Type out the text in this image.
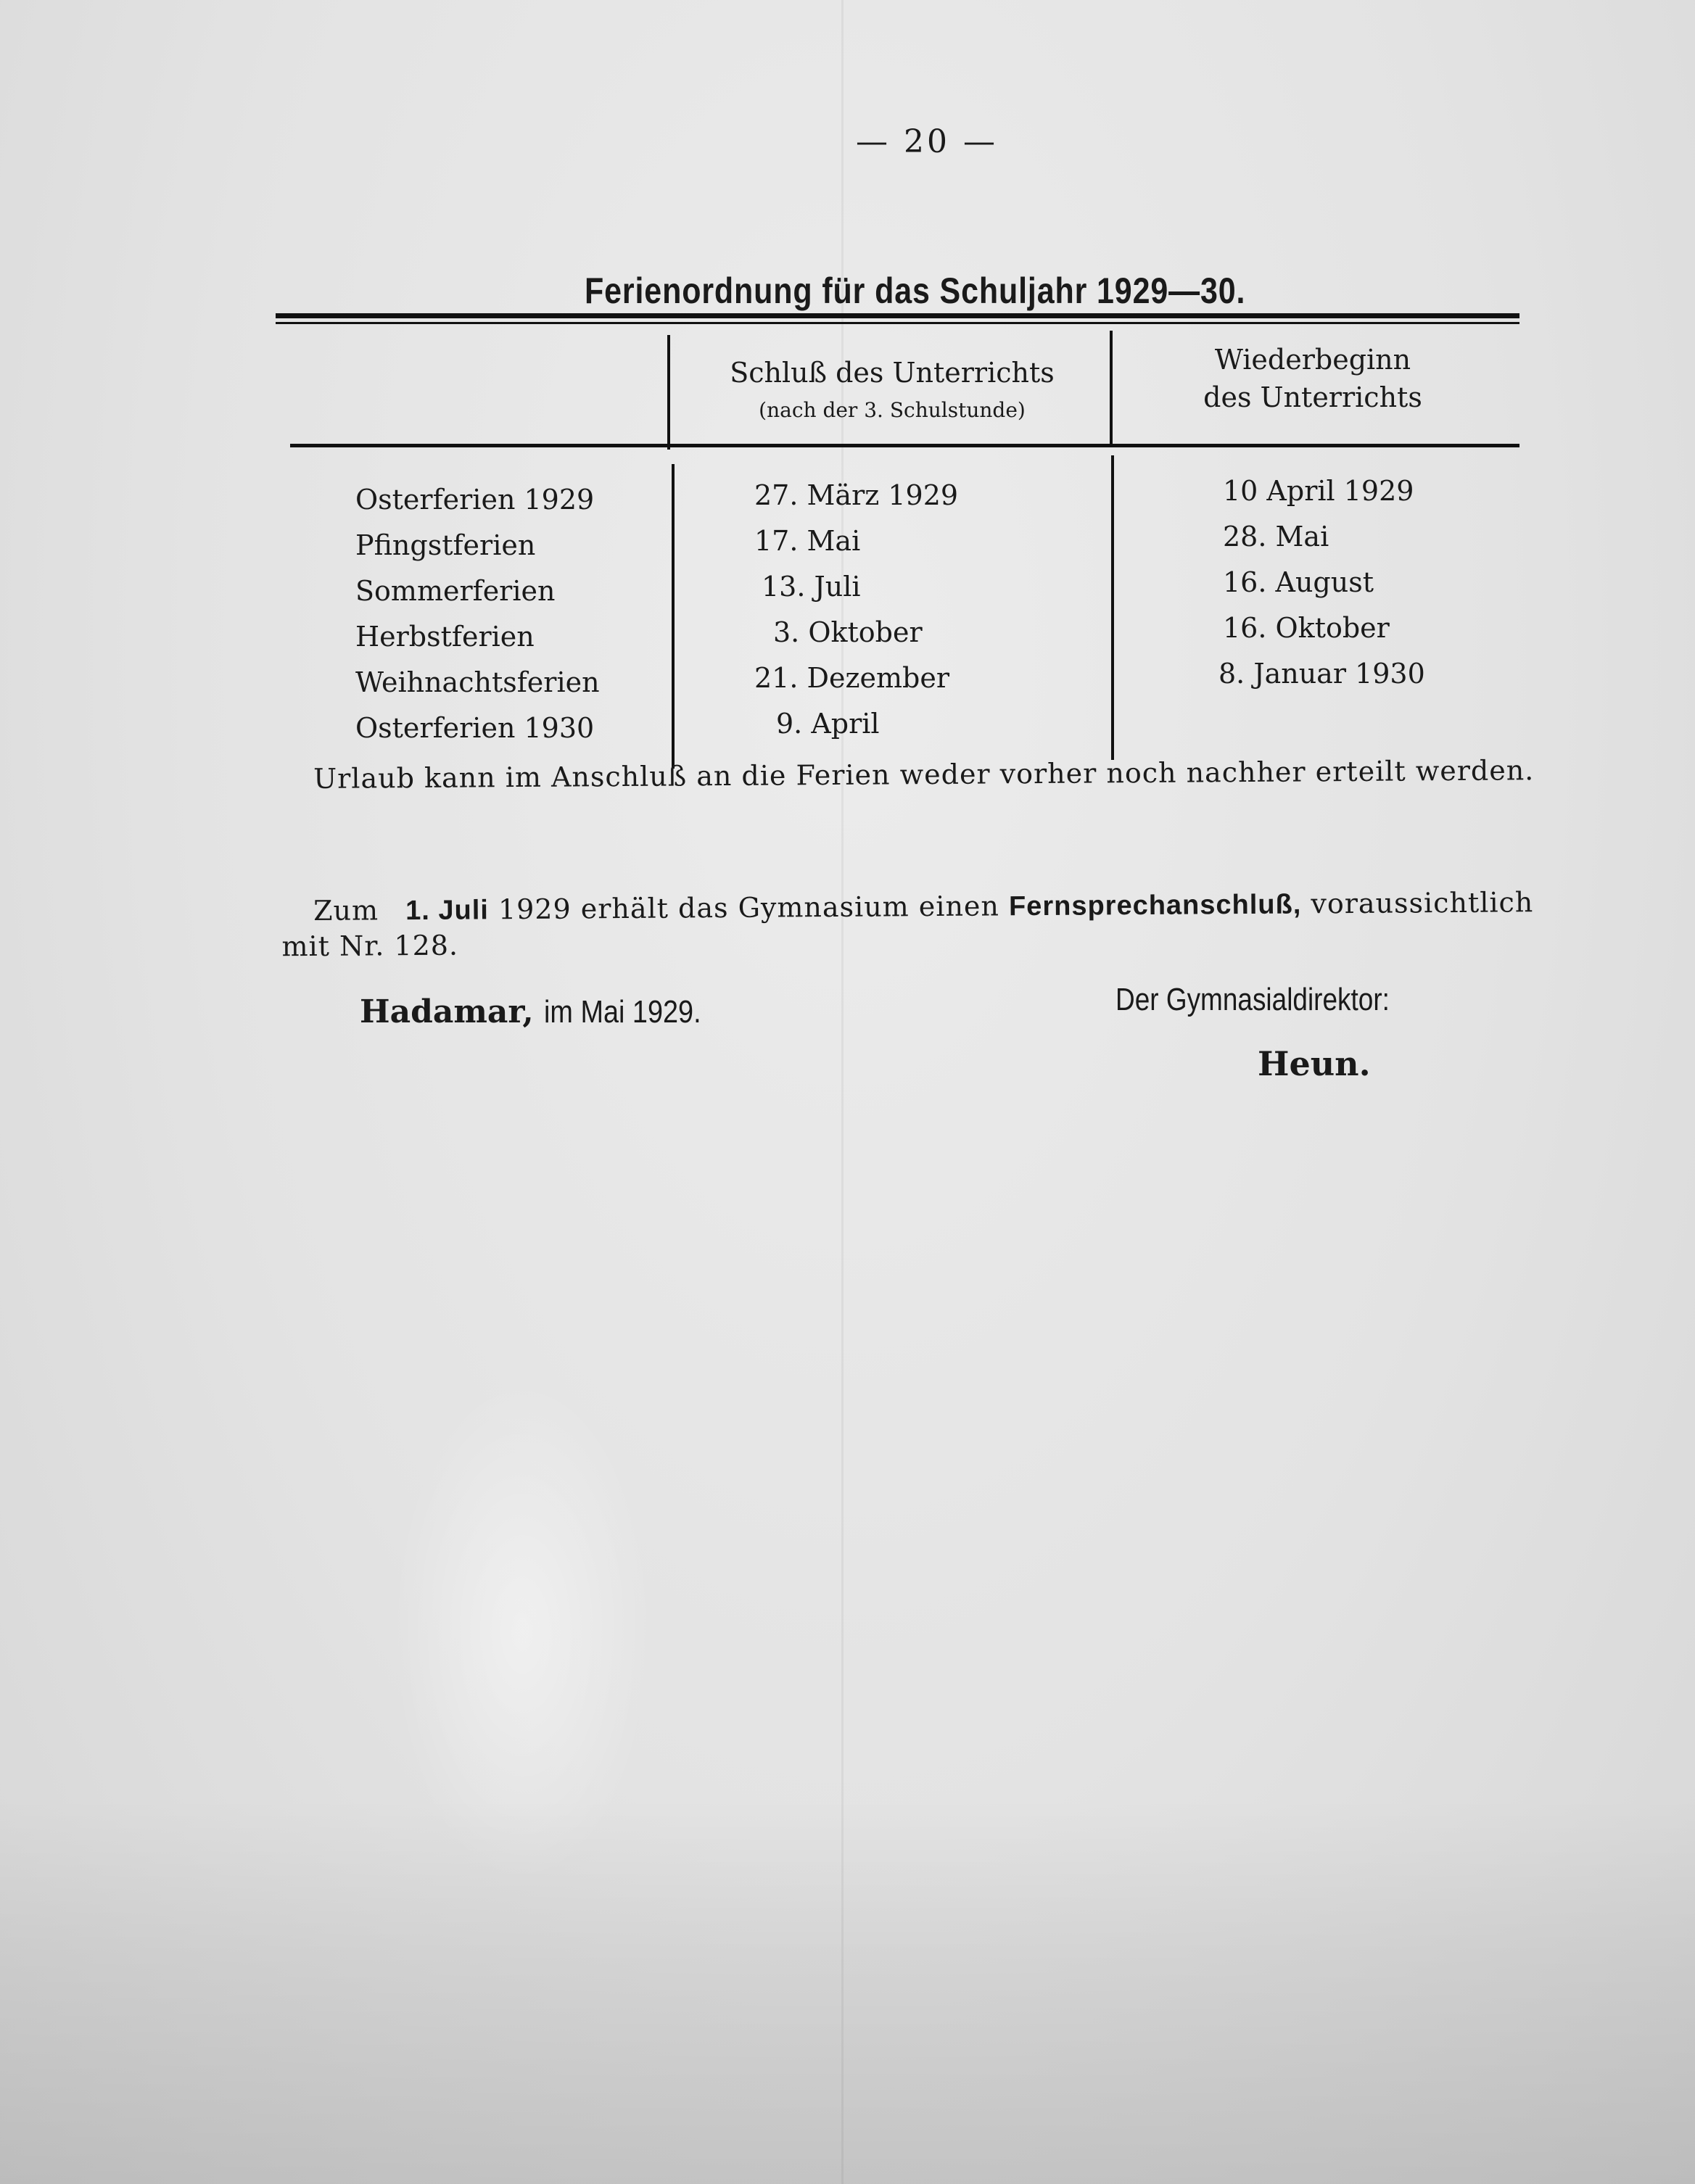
— 20 —
Ferienordnung für das Schuljahr 1929—30.
Schluß des Unterrichts
(nach der 3. Schulstunde)
Wiederbeginn
des Unterrichts
Osterferien 1929
Pfingstferien
Sommerferien
Herbstferien
Weihnachtsferien
Osterferien 1930
27. März 1929
17. Mai
13. Juli
3. Oktober
21. Dezember
9. April
10 April 1929
28. Mai
16. August
16. Oktober
8. Januar 1930
Urlaub kann im Anschluß an die Ferien weder vorher noch nachher erteilt werden.
Zum 1. Juli 1929 erhält das Gymnasium einen Fernsprechanschluß, voraussichtlich
mit Nr. 128.
Hadamar, im Mai 1929.	Der Gymnasialdirektor:
Heun.
